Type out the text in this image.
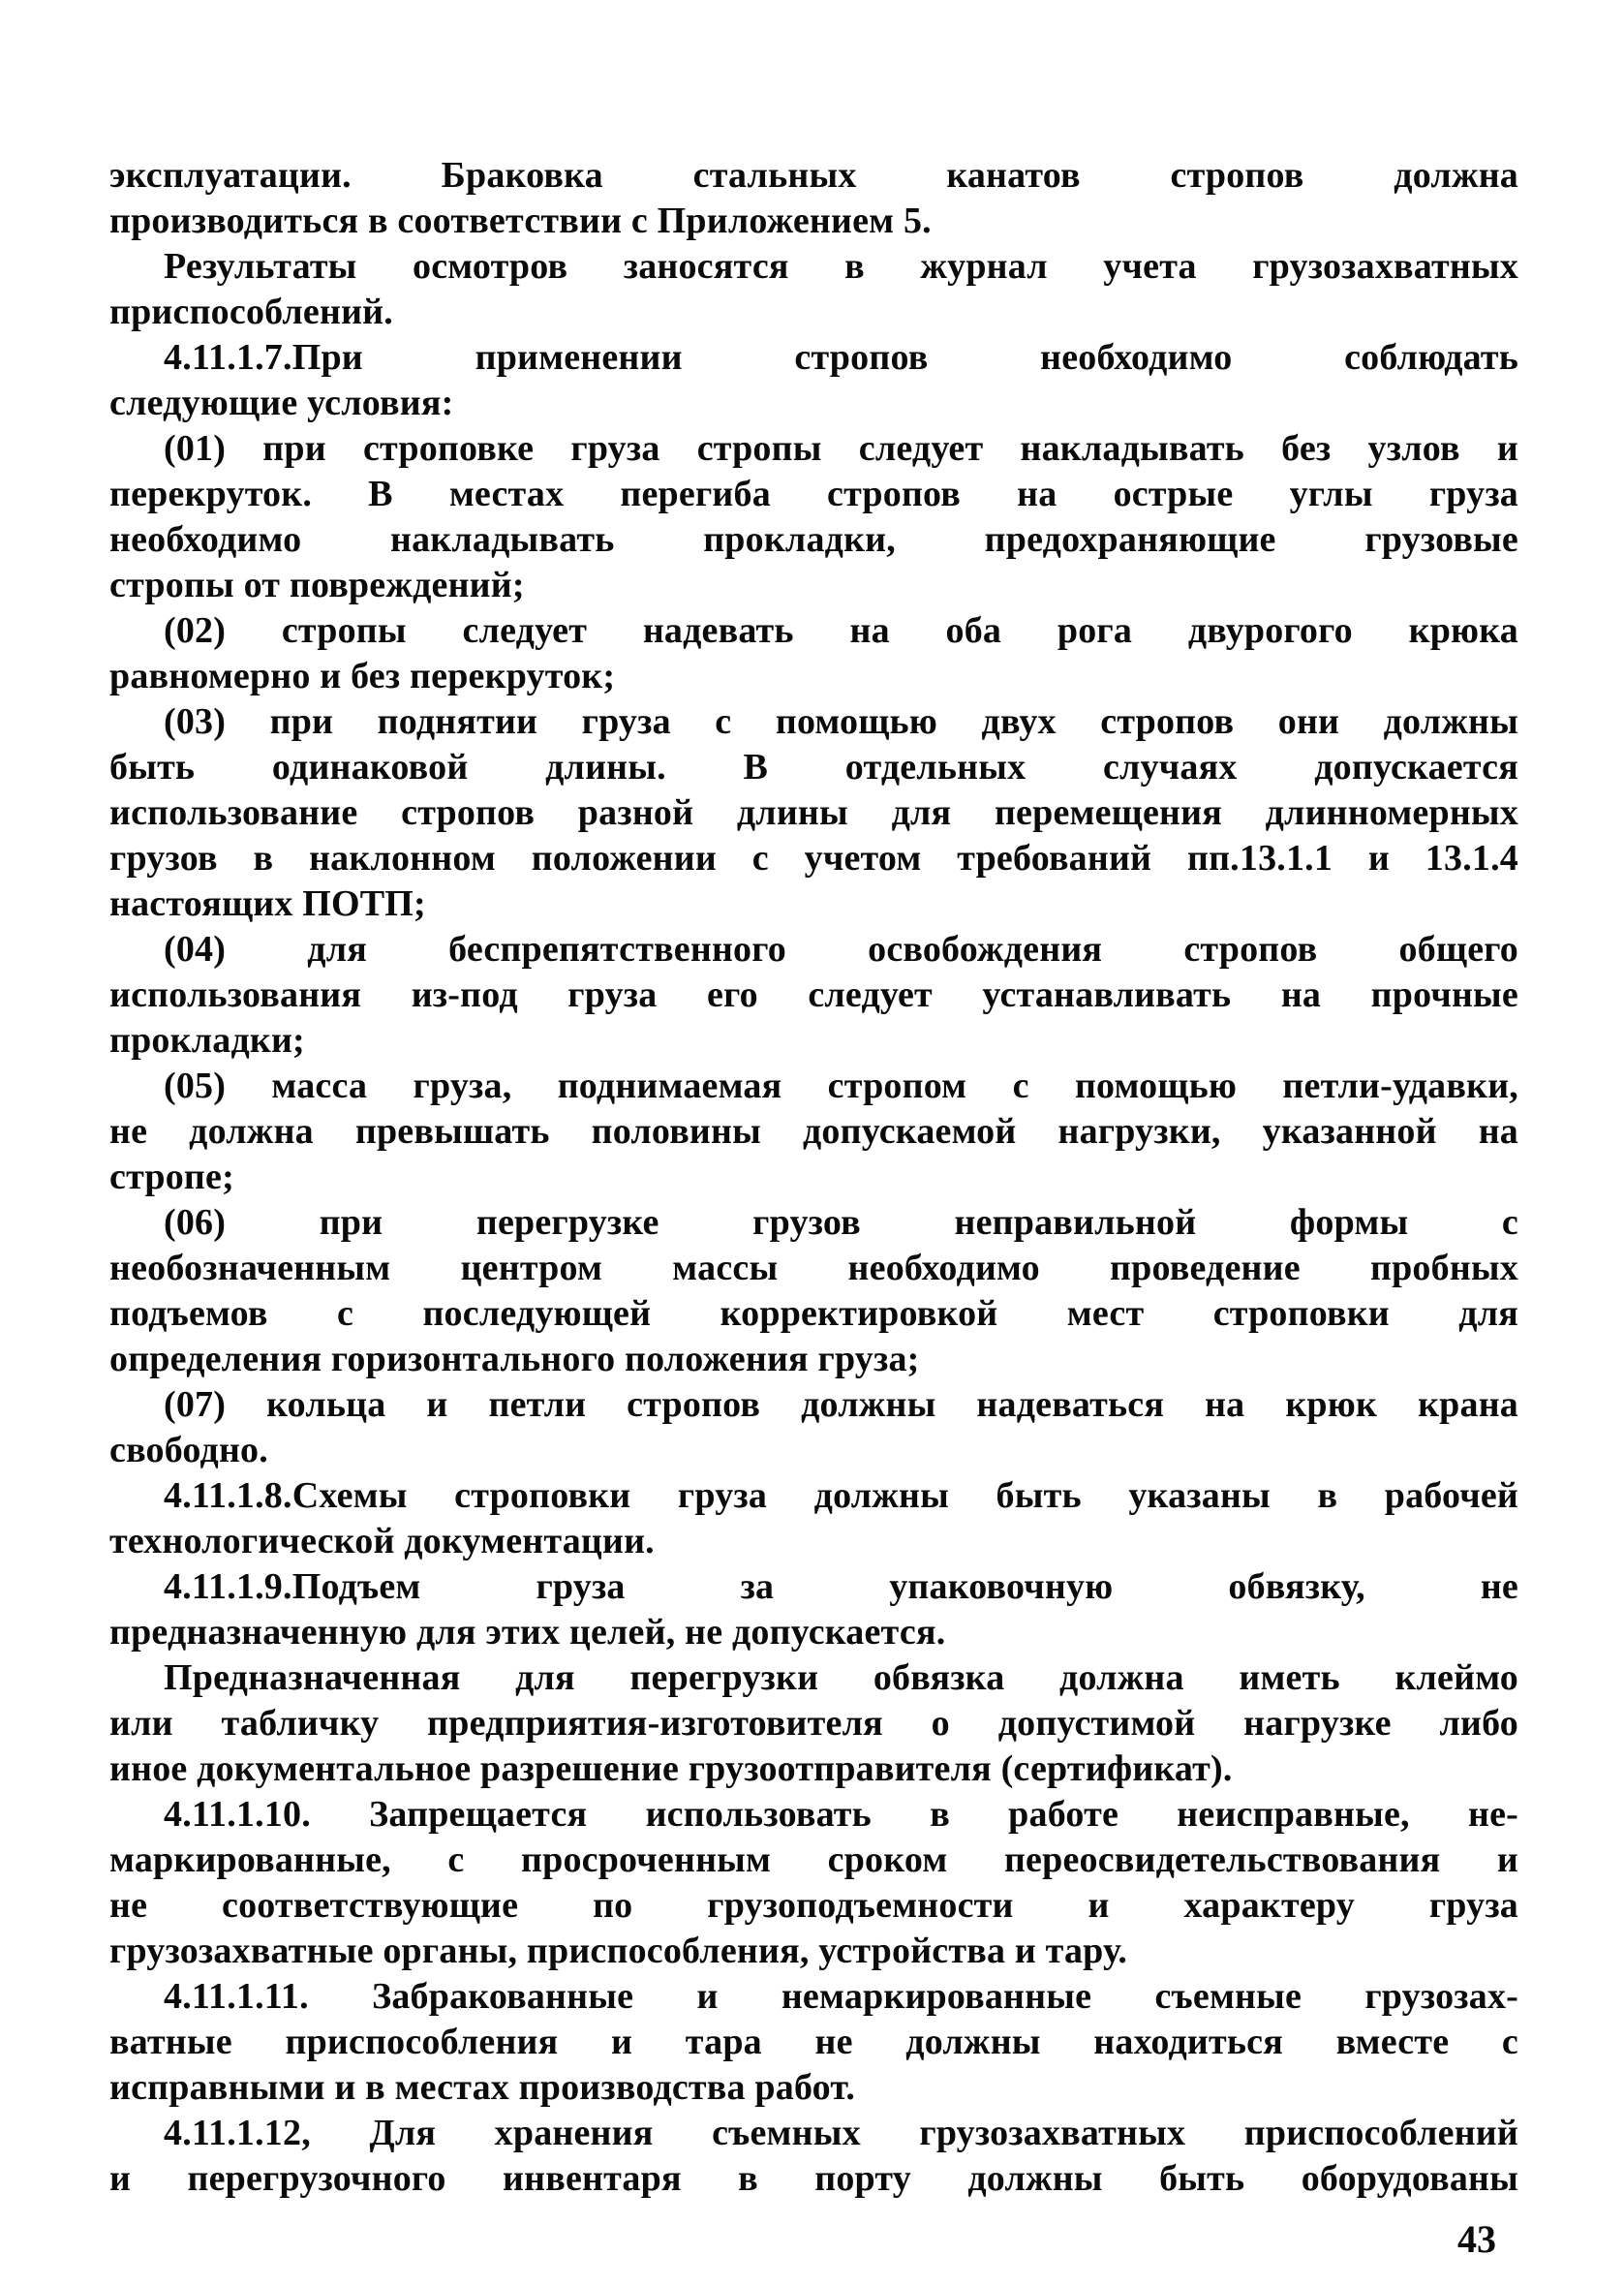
эксплуатации. Браковка стальных канатов стропов должна
производиться в соответствии с Приложением 5.
Результаты осмотров заносятся в журнал учета грузозахватных
приспособлений.
4.11.1.7.При применении стропов необходимо соблюдать
следующие условия:
(01) при строповке груза стропы следует накладывать без узлов и
перекруток. В местах перегиба стропов на острые углы груза
необходимо накладывать прокладки, предохраняющие грузовые
стропы от повреждений;
(02) стропы следует надевать на оба рога двурогого крюка
равномерно и без перекруток;
(03) при поднятии груза с помощью двух стропов они должны
быть одинаковой длины. В отдельных случаях допускается
использование стропов разной длины для перемещения длинномерных
грузов в наклонном положении с учетом требований пп.13.1.1 и 13.1.4
настоящих ПОТП;
(04) для беспрепятственного освобождения стропов общего
использования из-под груза его следует устанавливать на прочные
прокладки;
(05) масса груза, поднимаемая стропом с помощью петли-удавки,
не должна превышать половины допускаемой нагрузки, указанной на
стропе;
(06) при перегрузке грузов неправильной формы с
необозначенным центром массы необходимо проведение пробных
подъемов с последующей корректировкой мест строповки для
определения горизонтального положения груза;
(07) кольца и петли стропов должны надеваться на крюк крана
свободно.
4.11.1.8.Схемы строповки груза должны быть указаны в рабочей
технологической документации.
4.11.1.9.Подъем груза за упаковочную обвязку, не
предназначенную для этих целей, не допускается.
Предназначенная для перегрузки обвязка должна иметь клеймо
или табличку предприятия-изготовителя о допустимой нагрузке либо
иное документальное разрешение грузоотправителя (сертификат).
4.11.1.10. Запрещается использовать в работе неисправные, не-
маркированные, с просроченным сроком переосвидетельствования и
не соответствующие по грузоподъемности и характеру груза
грузозахватные органы, приспособления, устройства и тару.
4.11.1.11. Забракованные и немаркированные съемные грузозах-
ватные приспособления и тара не должны находиться вместе с
исправными и в местах производства работ.
4.11.1.12, Для хранения съемных грузозахватных приспособлений
и перегрузочного инвентаря в порту должны быть оборудованы
43
